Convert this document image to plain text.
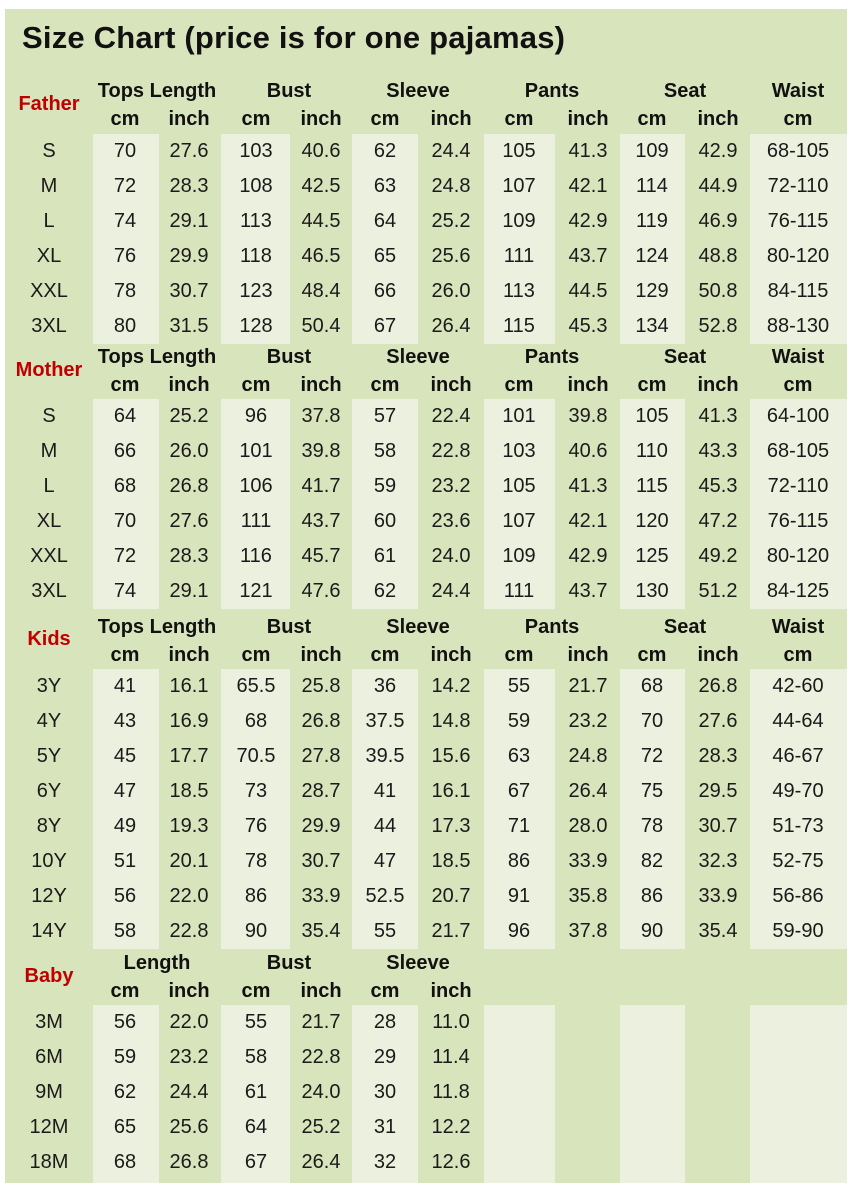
Size Chart (price is for one pajamas)
Father
Tops Length	Bust	Sleeve	Pants	Seat	Waist
cm	inch	cm	inch	cm	inch	cm	inch	cm	inch	cm
S	70	27.6	103	40.6	62	24.4	105	41.3	109	42.9	68-105
M	72	28.3	108	42.5	63	24.8	107	42.1	114	44.9	72-110
L	74	29.1	113	44.5	64	25.2	109	42.9	119	46.9	76-115
XL	76	29.9	118	46.5	65	25.6	111	43.7	124	48.8	80-120
XXL	78	30.7	123	48.4	66	26.0	113	44.5	129	50.8	84-115
3XL	80	31.5	128	50.4	67	26.4	115	45.3	134	52.8	88-130
Mother
Tops Length	Bust	Sleeve	Pants	Seat	Waist
cm	inch	cm	inch	cm	inch	cm	inch	cm	inch	cm
S	64	25.2	96	37.8	57	22.4	101	39.8	105	41.3	64-100
M	66	26.0	101	39.8	58	22.8	103	40.6	110	43.3	68-105
L	68	26.8	106	41.7	59	23.2	105	41.3	115	45.3	72-110
XL	70	27.6	111	43.7	60	23.6	107	42.1	120	47.2	76-115
XXL	72	28.3	116	45.7	61	24.0	109	42.9	125	49.2	80-120
3XL	74	29.1	121	47.6	62	24.4	111	43.7	130	51.2	84-125
Kids
Tops Length	Bust	Sleeve	Pants	Seat	Waist
cm	inch	cm	inch	cm	inch	cm	inch	cm	inch	cm
3Y	41	16.1	65.5	25.8	36	14.2	55	21.7	68	26.8	42-60
4Y	43	16.9	68	26.8	37.5	14.8	59	23.2	70	27.6	44-64
5Y	45	17.7	70.5	27.8	39.5	15.6	63	24.8	72	28.3	46-67
6Y	47	18.5	73	28.7	41	16.1	67	26.4	75	29.5	49-70
8Y	49	19.3	76	29.9	44	17.3	71	28.0	78	30.7	51-73
10Y	51	20.1	78	30.7	47	18.5	86	33.9	82	32.3	52-75
12Y	56	22.0	86	33.9	52.5	20.7	91	35.8	86	33.9	56-86
14Y	58	22.8	90	35.4	55	21.7	96	37.8	90	35.4	59-90
Baby
Length	Bust	Sleeve
cm	inch	cm	inch	cm	inch
3M	56	22.0	55	21.7	28	11.0
6M	59	23.2	58	22.8	29	11.4
9M	62	24.4	61	24.0	30	11.8
12M	65	25.6	64	25.2	31	12.2
18M	68	26.8	67	26.4	32	12.6
